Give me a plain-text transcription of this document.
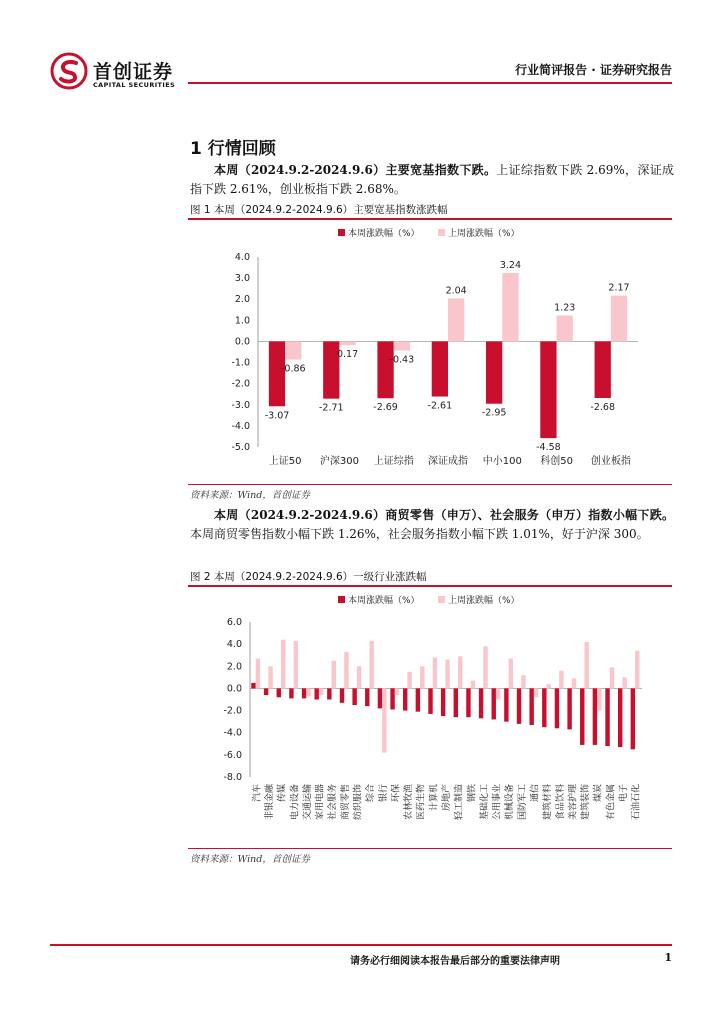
首创证券
CAPITAL SECURITIES
行业简评报告 · 证券研究报告
1 行情回顾
本周（2024.9.2-2024.9.6）主要宽基指数下跌。上证综指数下跌 2.69%，深证成指下跌 2.61%，创业板指下跌 2.68%。
图 1 本周（2024.9.2-2024.9.6）主要宽基指数涨跌幅
本周涨跌幅（%）	上周涨跌幅（%）
4.0
3.0
2.0
1.0
0.0
-1.0
-2.0
-3.0
-4.0
-5.0
-3.07
-2.71	-2.69	-2.61
-2.95
-4.58
-2.68
-0.86
0.17	-0.43
2.04
3.24
1.23
2.17
上证50 沪深300 上证综指 深证成指 中小100 科创50 创业板指
资料来源：Wind，首创证券
本周（2024.9.2-2024.9.6）商贸零售（申万）、社会服务（申万）指数小幅下跌。本周商贸零售指数小幅下跌 1.26%，社会服务指数小幅下跌 1.01%，好于沪深 300。
图 2 本周（2024.9.2-2024.9.6）一级行业涨跌幅
本周涨跌幅（%）	上周涨跌幅（%）
6.0
4.0
2.0
0.0
-2.0
-4.0
-6.0
-8.0
汽车 非银金融 传媒 电力设备 交通运输 家用电器 社会服务 商贸零售 纺织服饰 综合 银行 环保 农林牧渔 医药生物 计算机 房地产 轻工制造 钢铁 基础化工 公用事业 机械设备 国防军工 通信 建筑材料 食品饮料 美容护理 建筑装饰 煤炭 有色金属 电子 石油石化
资料来源：Wind，首创证券
请务必行细阅读本报告最后部分的重要法律声明	1
